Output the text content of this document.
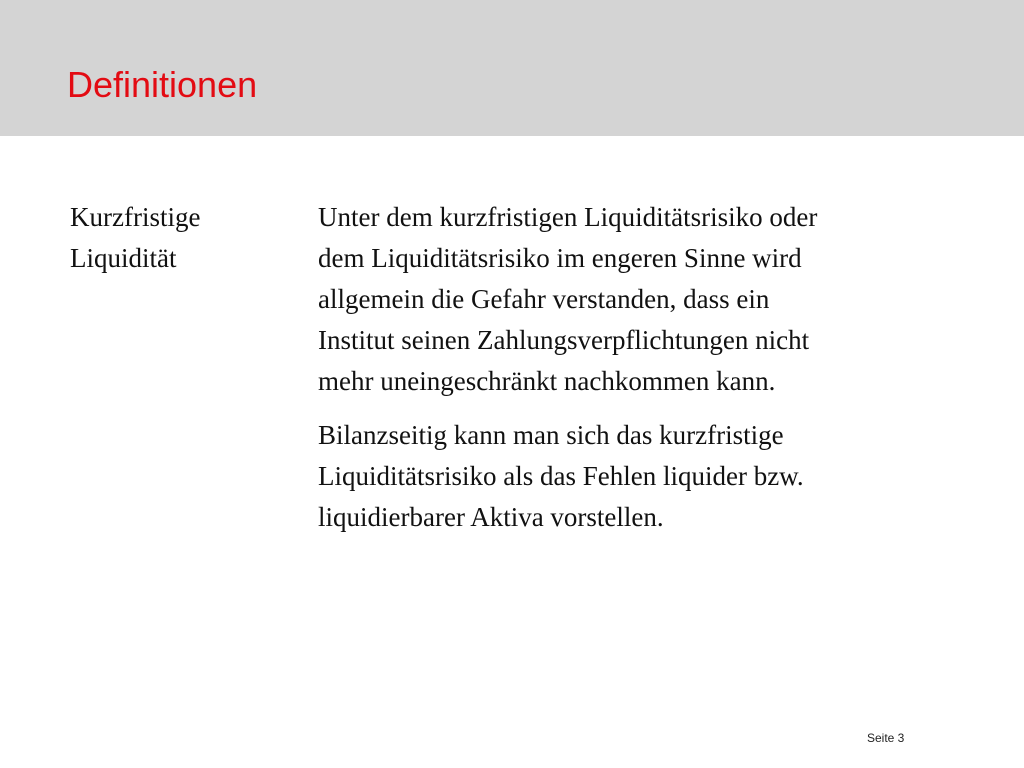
Definitionen
Kurzfristige
Liquidität

Unter dem kurzfristigen Liquiditätsrisiko oder
dem Liquiditätsrisiko im engeren Sinne wird
allgemein die Gefahr verstanden, dass ein
Institut seinen Zahlungsverpflichtungen nicht
mehr uneingeschränkt nachkommen kann.

Bilanzseitig kann man sich das kurzfristige
Liquiditätsrisiko als das Fehlen liquider bzw.
liquidierbarer Aktiva vorstellen.

Seite 3
